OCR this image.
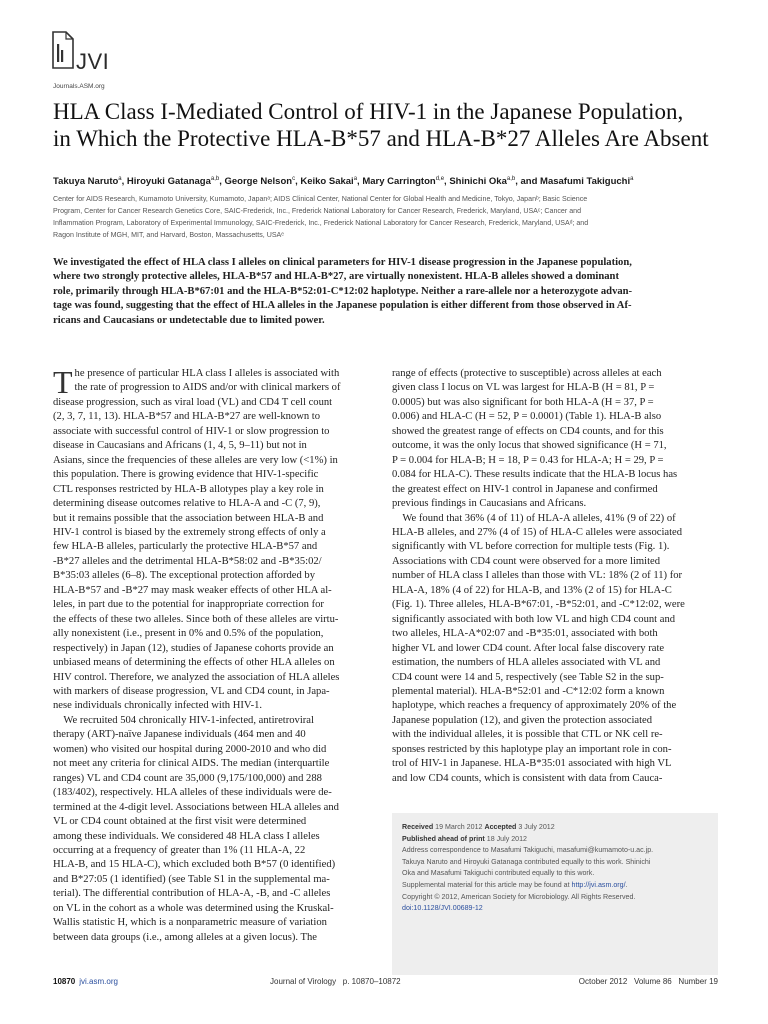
JVI
Journals.ASM.org
HLA Class I-Mediated Control of HIV-1 in the Japanese Population,
in Which the Protective HLA-B*57 and HLA-B*27 Alleles Are Absent
Takuya Naruto$^a$, Hiroyuki Gatanaga$^{a,b}$, George Nelson$^c$, Keiko Sakai$^a$, Mary Carrington$^{d,e}$, Shinichi Oka$^{a,b}$, and Masafumi Takiguchi$^a$
Center for AIDS Research, Kumamoto University, Kumamoto, Japanᵃ; AIDS Clinical Center, National Center for Global Health and Medicine, Tokyo, Japanᵇ; Basic Science
Program, Center for Cancer Research Genetics Core, SAIC-Frederick, Inc., Frederick National Laboratory for Cancer Research, Frederick, Maryland, USAᶜ; Cancer and
Inflammation Program, Laboratory of Experimental Immunology, SAIC-Frederick, Inc., Frederick National Laboratory for Cancer Research, Frederick, Maryland, USAᵈ; and
Ragon Institute of MGH, MIT, and Harvard, Boston, Massachusetts, USAᵉ
We investigated the effect of HLA class I alleles on clinical parameters for HIV-1 disease progression in the Japanese population,
where two strongly protective alleles, HLA-B*57 and HLA-B*27, are virtually nonexistent. HLA-B alleles showed a dominant
role, primarily through HLA-B*67:01 and the HLA-B*52:01-C*12:02 haplotype. Neither a rare-allele nor a heterozygote advan-
tage was found, suggesting that the effect of HLA alleles in the Japanese population is either different from those observed in Af-
ricans and Caucasians or undetectable due to limited power.
T he presence of particular HLA class I alleles is associated with
the rate of progression to AIDS and/or with clinical markers of
disease progression, such as viral load (VL) and CD4 T cell count
(2, 3, 7, 11, 13). HLA-B*57 and HLA-B*27 are well-known to
associate with successful control of HIV-1 or slow progression to
disease in Caucasians and Africans (1, 4, 5, 9–11) but not in
Asians, since the frequencies of these alleles are very low (<1%) in
this population. There is growing evidence that HIV-1-specific
CTL responses restricted by HLA-B allotypes play a key role in
determining disease outcomes relative to HLA-A and -C (7, 9),
but it remains possible that the association between HLA-B and
HIV-1 control is biased by the extremely strong effects of only a
few HLA-B alleles, particularly the protective HLA-B*57 and
-B*27 alleles and the detrimental HLA-B*58:02 and -B*35:02/
B*35:03 alleles (6–8). The exceptional protection afforded by
HLA-B*57 and -B*27 may mask weaker effects of other HLA al-
leles, in part due to the potential for inappropriate correction for
the effects of these two alleles. Since both of these alleles are virtu-
ally nonexistent (i.e., present in 0% and 0.5% of the population,
respectively) in Japan (12), studies of Japanese cohorts provide an
unbiased means of determining the effects of other HLA alleles on
HIV control. Therefore, we analyzed the association of HLA alleles
with markers of disease progression, VL and CD4 count, in Japa-
nese individuals chronically infected with HIV-1.
We recruited 504 chronically HIV-1-infected, antiretroviral
therapy (ART)-naïve Japanese individuals (464 men and 40
women) who visited our hospital during 2000-2010 and who did
not meet any criteria for clinical AIDS. The median (interquartile
ranges) VL and CD4 count are 35,000 (9,175/100,000) and 288
(183/402), respectively. HLA alleles of these individuals were de-
termined at the 4-digit level. Associations between HLA alleles and
VL or CD4 count obtained at the first visit were determined
among these individuals. We considered 48 HLA class I alleles
occurring at a frequency of greater than 1% (11 HLA-A, 22
HLA-B, and 15 HLA-C), which excluded both B*57 (0 identified)
and B*27:05 (1 identified) (see Table S1 in the supplemental ma-
terial). The differential contribution of HLA-A, -B, and -C alleles
on VL in the cohort as a whole was determined using the Kruskal-
Wallis statistic H, which is a nonparametric measure of variation
between data groups (i.e., among alleles at a given locus). The
range of effects (protective to susceptible) across alleles at each
given class I locus on VL was largest for HLA-B (H = 81, P =
0.0005) but was also significant for both HLA-A (H = 37, P =
0.006) and HLA-C (H = 52, P = 0.0001) (Table 1). HLA-B also
showed the greatest range of effects on CD4 counts, and for this
outcome, it was the only locus that showed significance (H = 71,
P = 0.004 for HLA-B; H = 18, P = 0.43 for HLA-A; H = 29, P =
0.084 for HLA-C). These results indicate that the HLA-B locus has
the greatest effect on HIV-1 control in Japanese and confirmed
previous findings in Caucasians and Africans.
We found that 36% (4 of 11) of HLA-A alleles, 41% (9 of 22) of
HLA-B alleles, and 27% (4 of 15) of HLA-C alleles were associated
significantly with VL before correction for multiple tests (Fig. 1).
Associations with CD4 count were observed for a more limited
number of HLA class I alleles than those with VL: 18% (2 of 11) for
HLA-A, 18% (4 of 22) for HLA-B, and 13% (2 of 15) for HLA-C
(Fig. 1). Three alleles, HLA-B*67:01, -B*52:01, and -C*12:02, were
significantly associated with both low VL and high CD4 count and
two alleles, HLA-A*02:07 and -B*35:01, associated with both
higher VL and lower CD4 count. After local false discovery rate
estimation, the numbers of HLA alleles associated with VL and
CD4 count were 14 and 5, respectively (see Table S2 in the sup-
plemental material). HLA-B*52:01 and -C*12:02 form a known
haplotype, which reaches a frequency of approximately 20% of the
Japanese population (12), and given the protection associated
with the individual alleles, it is possible that CTL or NK cell re-
sponses restricted by this haplotype play an important role in con-
trol of HIV-1 in Japanese. HLA-B*35:01 associated with high VL
and low CD4 counts, which is consistent with data from Cauca-
Received 19 March 2012 Accepted 3 July 2012
Published ahead of print 18 July 2012
Address correspondence to Masafumi Takiguchi, masafumi@kumamoto-u.ac.jp.
Takuya Naruto and Hiroyuki Gatanaga contributed equally to this work. Shinichi
Oka and Masafumi Takiguchi contributed equally to this work.
Supplemental material for this article may be found at http://jvi.asm.org/.
Copyright © 2012, American Society for Microbiology. All Rights Reserved.
doi:10.1128/JVI.00689-12
10870 jvi.asm.org	Journal of Virology   p. 10870–10872	October 2012   Volume 86   Number 19
